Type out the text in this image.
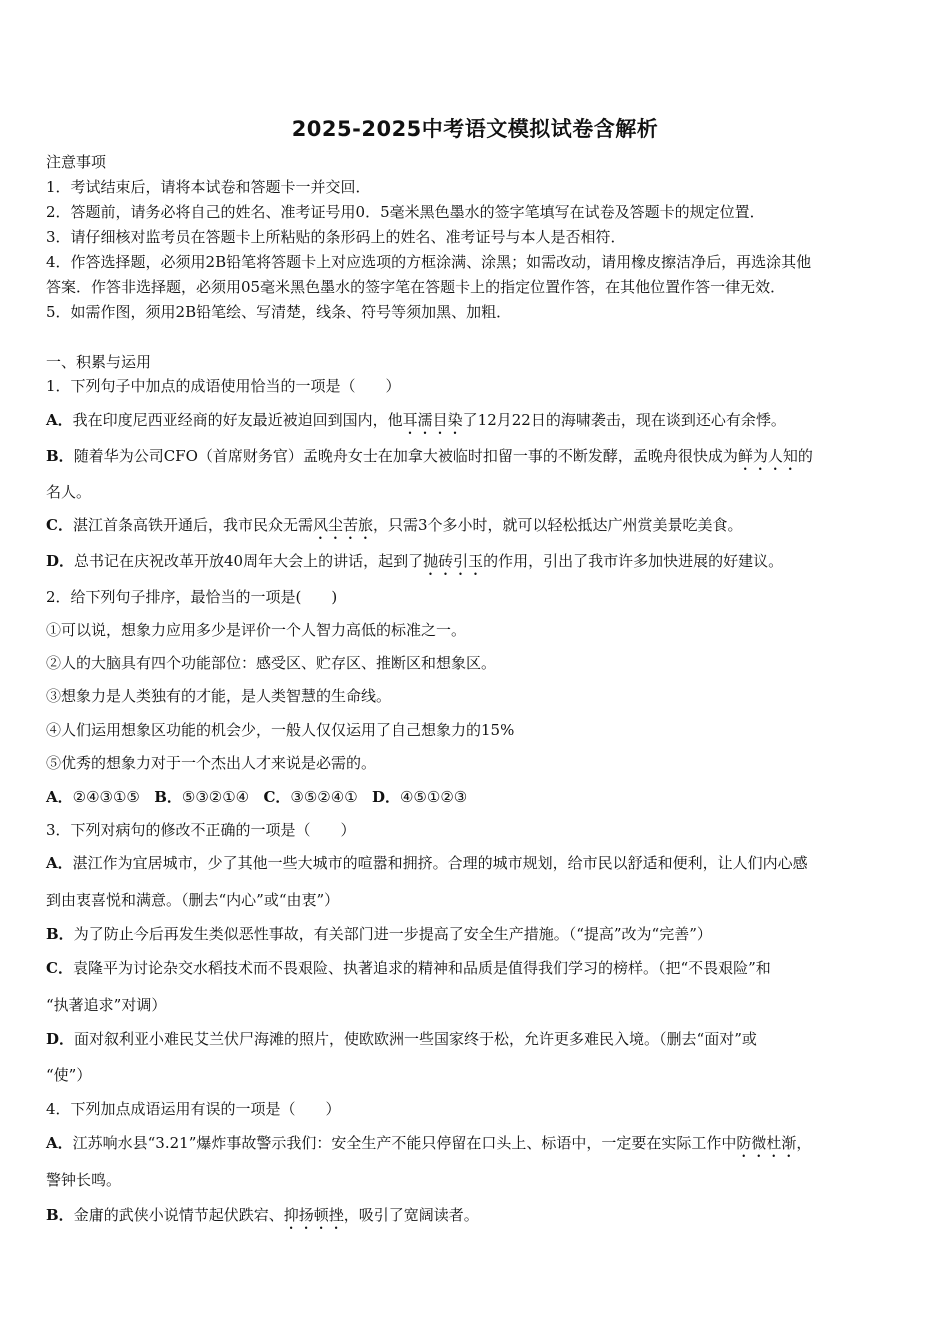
2025-2025中考语文模拟试卷含解析
注意事项
1．考试结束后，请将本试卷和答题卡一并交回．
2．答题前，请务必将自己的姓名、准考证号用0．5毫米黑色墨水的签字笔填写在试卷及答题卡的规定位置．
3．请仔细核对监考员在答题卡上所粘贴的条形码上的姓名、准考证号与本人是否相符．
4．作答选择题，必须用2B铅笔将答题卡上对应选项的方框涂满、涂黑；如需改动，请用橡皮擦洁净后，再选涂其他
答案．作答非选择题，必须用05毫米黑色墨水的签字笔在答题卡上的指定位置作答，在其他位置作答一律无效．
5．如需作图，须用2B铅笔绘、写清楚，线条、符号等须加黑、加粗．
一、积累与运用
1．下列句子中加点的成语使用恰当的一项是（　　）
A．我在印度尼西亚经商的好友最近被迫回到国内，他耳濡目染了12月22日的海啸袭击，现在谈到还心有余悸。
B．随着华为公司CFO（首席财务官）孟晚舟女士在加拿大被临时扣留一事的不断发酵，孟晚舟很快成为鲜为人知的
名人。
C．湛江首条高铁开通后，我市民众无需风尘苦旅，只需3个多小时，就可以轻松抵达广州赏美景吃美食。
D．总书记在庆祝改革开放40周年大会上的讲话，起到了抛砖引玉的作用，引出了我市许多加快进展的好建议。
2．给下列句子排序，最恰当的一项是(　　)
①可以说，想象力应用多少是评价一个人智力高低的标准之一。
②人的大脑具有四个功能部位：感受区、贮存区、推断区和想象区。
③想象力是人类独有的才能，是人类智慧的生命线。
④人们运用想象区功能的机会少，一般人仅仅运用了自己想象力的15%
⑤优秀的想象力对于一个杰出人才来说是必需的。
A．②④③①⑤ B．⑤③②①④ C．③⑤②④① D．④⑤①②③
3．下列对病句的修改不正确的一项是（　　）
A．湛江作为宜居城市，少了其他一些大城市的喧嚣和拥挤。合理的城市规划，给市民以舒适和便利，让人们内心感
到由衷喜悦和满意。（删去“内心”或“由衷”）
B．为了防止今后再发生类似恶性事故，有关部门进一步提高了安全生产措施。（“提高”改为“完善”）
C．袁隆平为讨论杂交水稻技术而不畏艰险、执著追求的精神和品质是值得我们学习的榜样。（把“不畏艰险”和
“执著追求”对调）
D．面对叙利亚小难民艾兰伏尸海滩的照片，使欧欧洲一些国家终于松，允许更多难民入境。（删去“面对”或
“使”）
4．下列加点成语运用有误的一项是（　　）
A．江苏响水县“3.21”爆炸事故警示我们：安全生产不能只停留在口头上、标语中，一定要在实际工作中防微杜渐，
警钟长鸣。
B．金庸的武侠小说情节起伏跌宕、抑扬顿挫，吸引了宽阔读者。
